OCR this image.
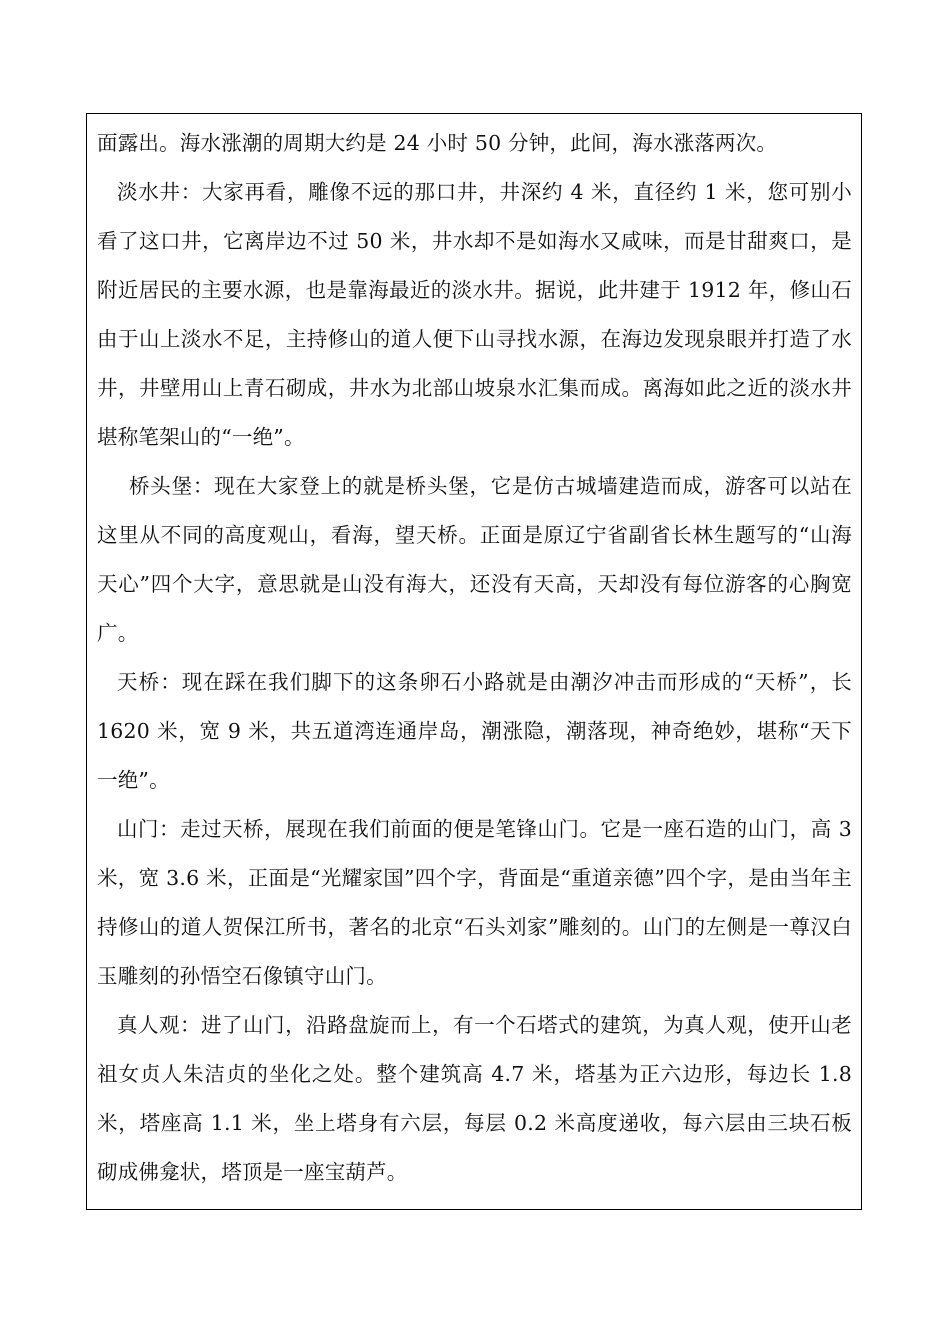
面露出。海水涨潮的周期大约是 24 小时 50 分钟，此间，海水涨落两次。

淡水井：大家再看，雕像不远的那口井，井深约 4 米，直径约 1 米，您可别小看了这口井，它离岸边不过 50 米，井水却不是如海水又咸味，而是甘甜爽口，是附近居民的主要水源，也是靠海最近的淡水井。据说，此井建于 1912 年，修山石由于山上淡水不足，主持修山的道人便下山寻找水源，在海边发现泉眼并打造了水井，井壁用山上青石砌成，井水为北部山坡泉水汇集而成。离海如此之近的淡水井堪称笔架山的“一绝”。

桥头堡：现在大家登上的就是桥头堡，它是仿古城墙建造而成，游客可以站在这里从不同的高度观山，看海，望天桥。正面是原辽宁省副省长林生题写的“山海天心”四个大字，意思就是山没有海大，还没有天高，天却没有每位游客的心胸宽广。

天桥：现在踩在我们脚下的这条卵石小路就是由潮汐冲击而形成的“天桥”，长 1620 米，宽 9 米，共五道湾连通岸岛，潮涨隐，潮落现，神奇绝妙，堪称“天下一绝”。

山门：走过天桥，展现在我们前面的便是笔锋山门。它是一座石造的山门，高 3 米，宽 3.6 米，正面是“光耀家国”四个字，背面是“重道亲德”四个字，是由当年主持修山的道人贺保江所书，著名的北京“石头刘家”雕刻的。山门的左侧是一尊汉白玉雕刻的孙悟空石像镇守山门。

真人观：进了山门，沿路盘旋而上，有一个石塔式的建筑，为真人观，使开山老祖女贞人朱洁贞的坐化之处。整个建筑高 4.7 米，塔基为正六边形，每边长 1.8 米，塔座高 1.1 米，坐上塔身有六层，每层 0.2 米高度递收，每六层由三块石板砌成佛龛状，塔顶是一座宝葫芦。
